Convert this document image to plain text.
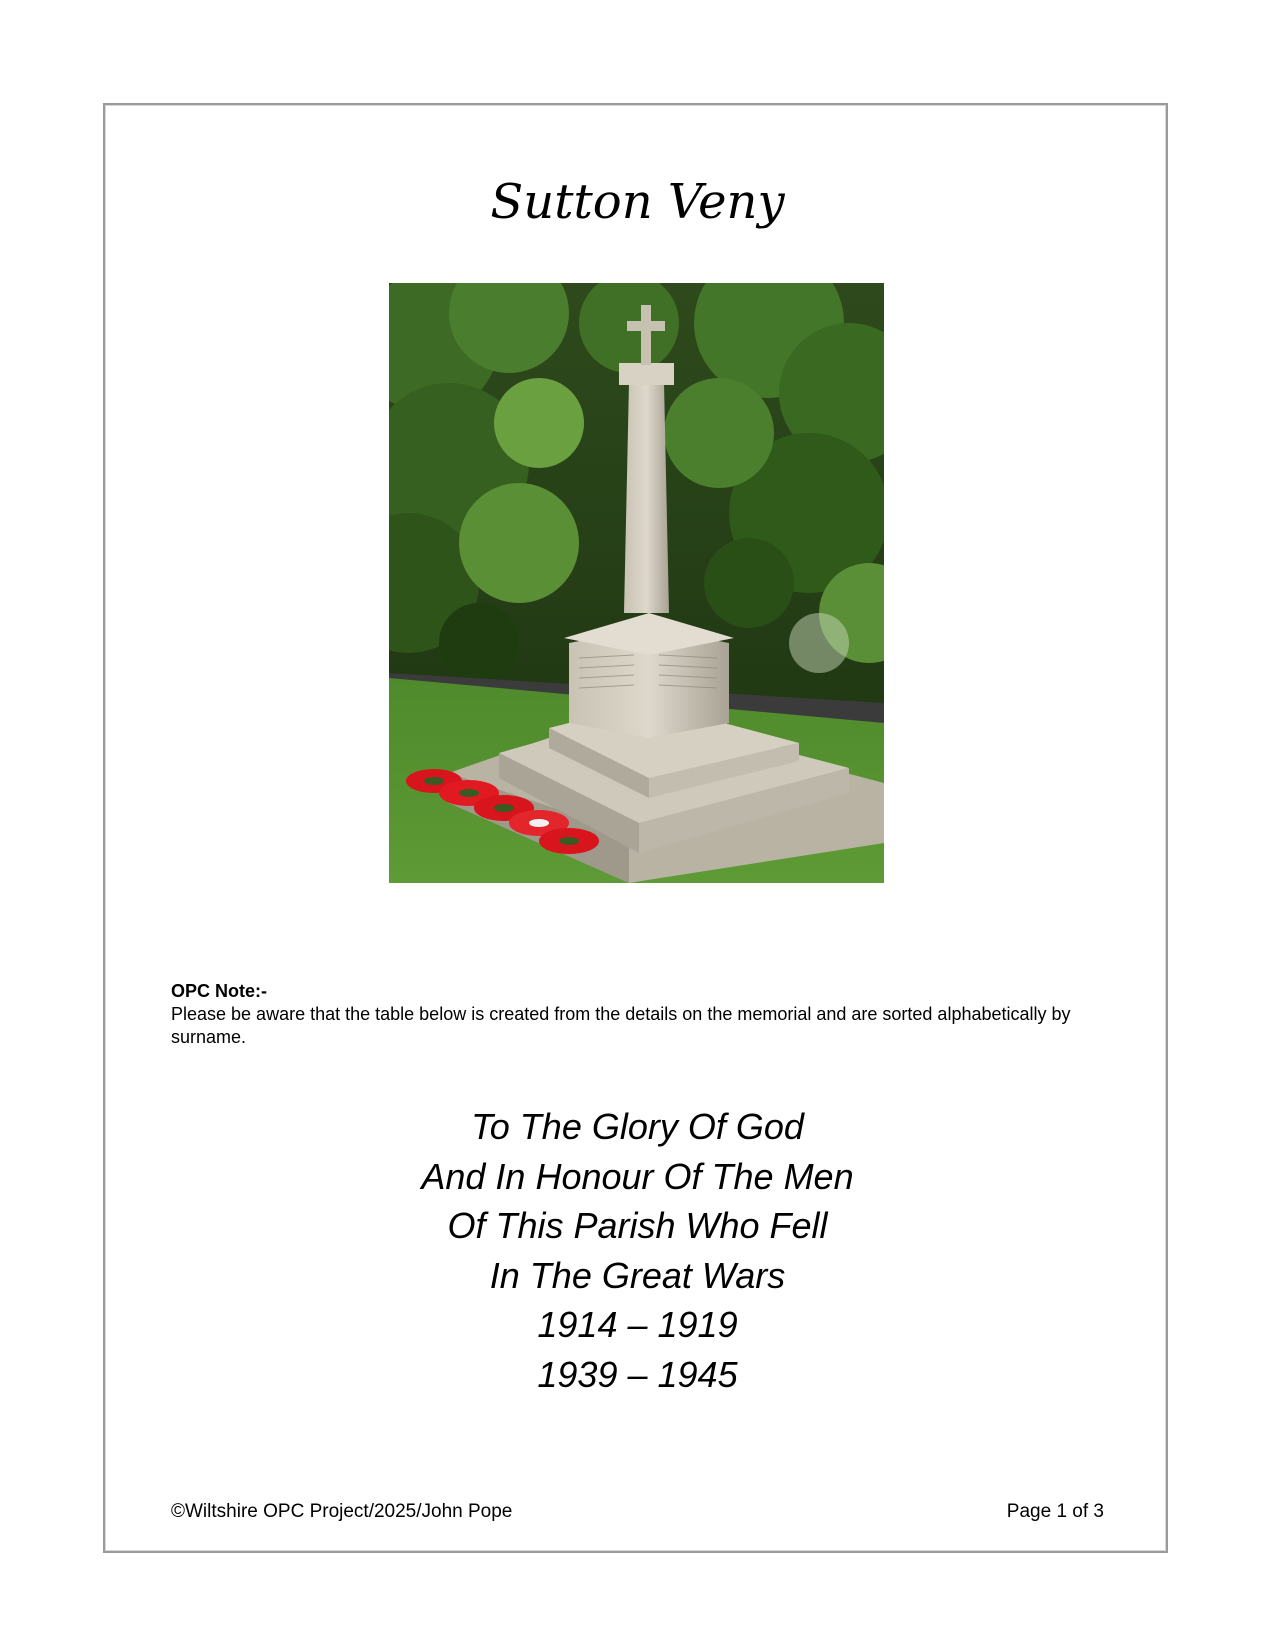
Sutton Veny
OPC Note:-
Please be aware that the table below is created from the details on the memorial and are sorted alphabetically by surname.
To The Glory Of God
And In Honour Of The Men
Of This Parish Who Fell
In The Great Wars
1914 – 1919
1939 – 1945
©Wiltshire OPC Project/2025/John Pope	Page 1 of 3
